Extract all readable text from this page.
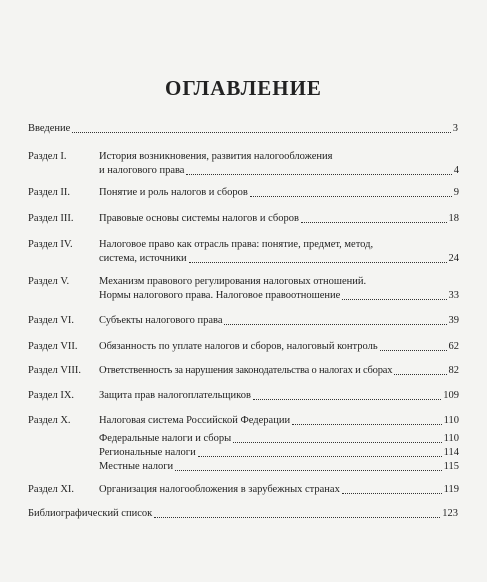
ОГЛАВЛЕНИЕ
Введение	3
Раздел I.	История возникновения, развития налогообложения
и налогового права	4
Раздел II.	Понятие и роль налогов и сборов	9
Раздел III.	Правовые основы системы налогов и сборов	18
Раздел IV.	Налоговое право как отрасль права: понятие, предмет, метод,
система, источники	24
Раздел V.	Механизм правового регулирования налоговых отношений.
Нормы налогового права. Налоговое правоотношение	33
Раздел VI.	Субъекты налогового права	39
Раздел VII.	Обязанность по уплате налогов и сборов, налоговый контроль	62
Раздел VIII.	Ответственность за нарушения законодательства о налогах и сборах	82
Раздел IX.	Защита прав налогоплательщиков	109
Раздел X.	Налоговая система Российской Федерации	110
Федеральные налоги и сборы	110
Региональные налоги	114
Местные налоги	115
Раздел XI.	Организация налогообложения в зарубежных странах	119
Библиографический список	123
